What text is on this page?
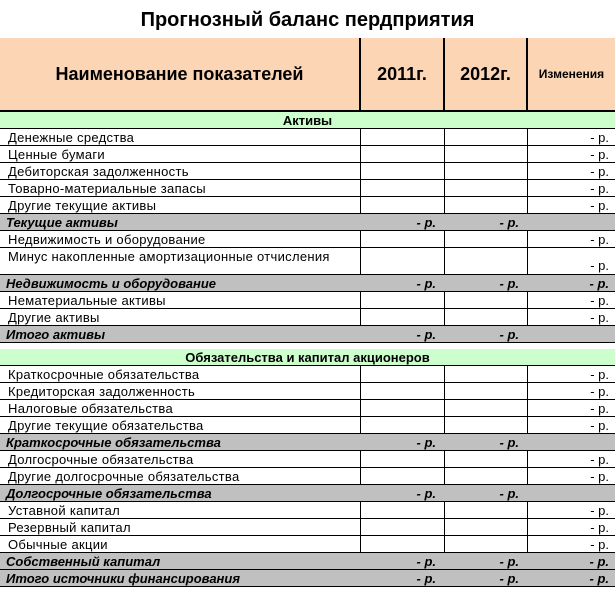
Прогнозный баланс пердприятия
Наименование показателей	2011г.	2012г.	Изменения
Активы			
Денежные средства			- р.
Ценные бумаги			- р.
Дебиторская задолженность			- р.
Товарно-материальные запасы			- р.
Другие текущие активы			- р.
Текущие активы	- р.	- р.	
Недвижимость и оборудование			- р.
Минус накопленные амортизационные отчисления			- р.
Недвижимость и оборудование	- р.	- р.	- р.
Нематериальные активы			- р.
Другие активы			- р.
Итого активы	- р.	- р.	

Обязательства и капитал акционеров			
Краткосрочные обязательства			- р.
Кредиторская задолженность			- р.
Налоговые обязательства			- р.
Другие текущие обязательства			- р.
Краткосрочные обязательства	- р.	- р.	
Долгосрочные обязательства			- р.
Другие долгосрочные обязательства			- р.
Долгосрочные обязательства	- р.	- р.	
Уставной капитал			- р.
Резервный капитал			- р.
Обычные акции			- р.
Собственный капитал	- р.	- р.	- р.
Итого источники финансирования	- р.	- р.	- р.
